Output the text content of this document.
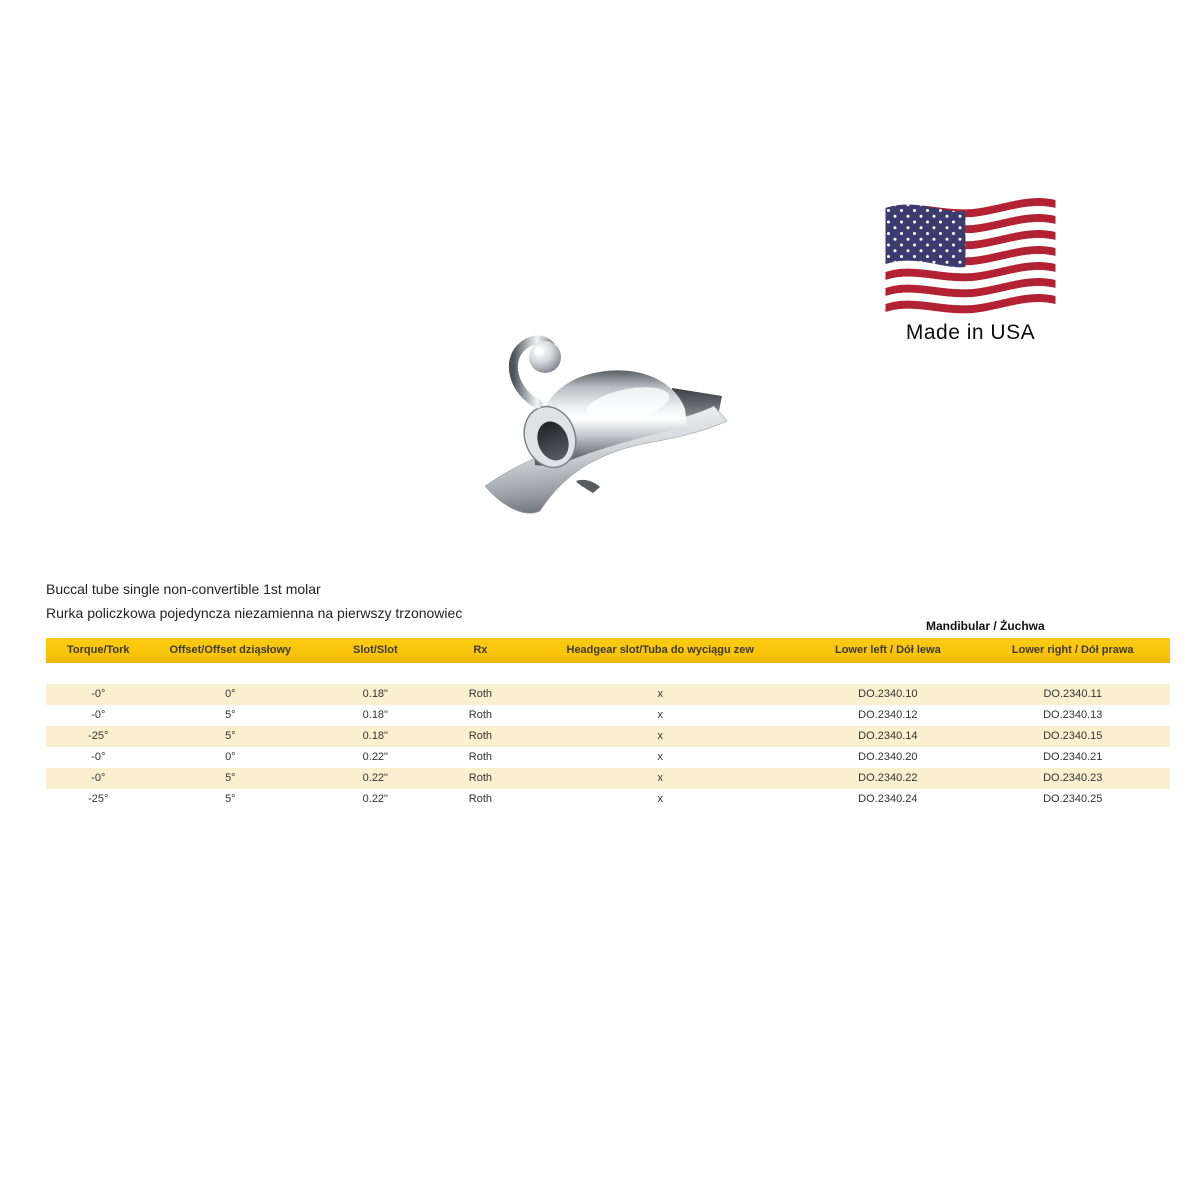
Made in USA
Buccal tube single non-convertible 1st molar
Rurka policzkowa pojedyncza niezamienna na pierwszy trzonowiec
Mandibular / Żuchwa
Torque/Tork	Offset/Offset dziąsłowy	Slot/Slot	Rx	Headgear slot/Tuba do wyciągu zew	Lower left / Dół lewa	Lower right / Dół prawa
-0°	0°	0.18"	Roth	x	DO.2340.10	DO.2340.11
-0°	5°	0.18"	Roth	x	DO.2340.12	DO.2340.13
-25°	5°	0.18"	Roth	x	DO.2340.14	DO.2340.15
-0°	0°	0.22"	Roth	x	DO.2340.20	DO.2340.21
-0°	5°	0.22"	Roth	x	DO.2340.22	DO.2340.23
-25°	5°	0.22"	Roth	x	DO.2340.24	DO.2340.25
